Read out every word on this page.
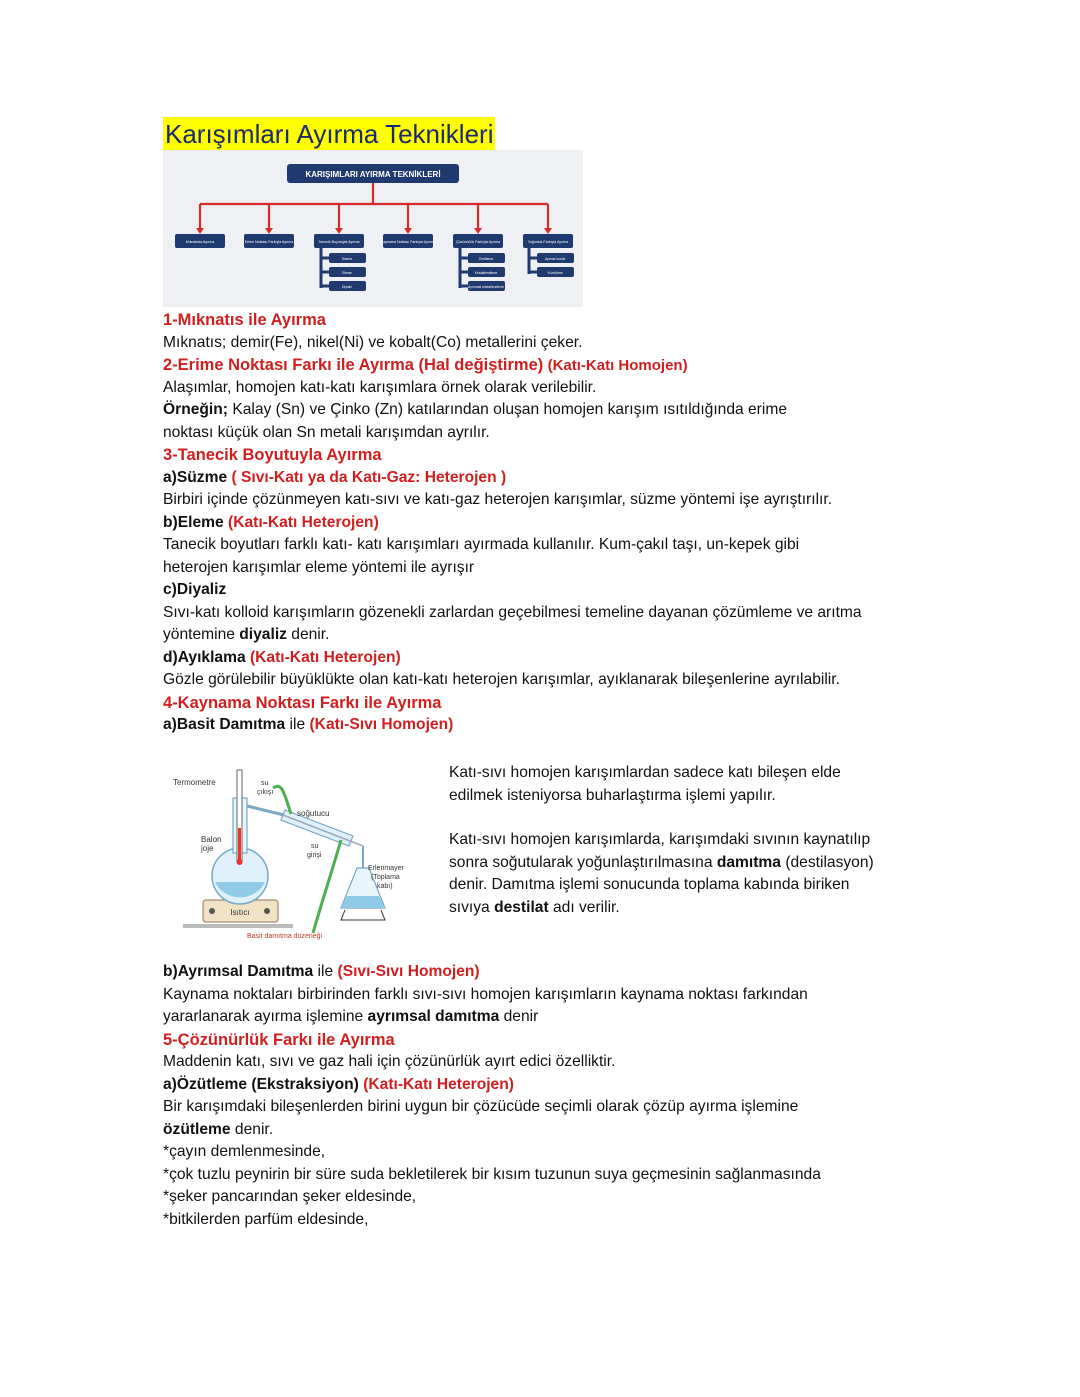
Karışımları Ayırma Teknikleri
KARIŞIMLARI AYIRMA TEKNİKLERİ
Mıknatısla Ayırma	Erime Noktası Farkıyla Ayırma	Tanecik Boyutuyla Ayırma	Kaynama Noktası Farkıyla Ayırma	Çözünürlük Farkıyla Ayırma	Yoğunluk Farkıyla Ayırma
Süzme
Eleme
Diyaliz
Özütleme
Kristallendirme
Ayrımsal kristallendirme
Ayırma hunisi
Yüzdürme
1-Mıknatıs ile Ayırma
Mıknatıs; demir(Fe), nikel(Ni) ve kobalt(Co) metallerini çeker.
2-Erime Noktası Farkı ile Ayırma (Hal değiştirme) (Katı-Katı Homojen)
Alaşımlar, homojen katı-katı karışımlara örnek olarak verilebilir.
Örneğin; Kalay (Sn) ve Çinko (Zn) katılarından oluşan homojen karışım ısıtıldığında erime
noktası küçük olan Sn metali karışımdan ayrılır.
3-Tanecik Boyutuyla Ayırma
a)Süzme ( Sıvı-Katı ya da Katı-Gaz: Heterojen )
Birbiri içinde çözünmeyen katı-sıvı ve katı-gaz heterojen karışımlar, süzme yöntemi işe ayrıştırılır.
b)Eleme (Katı-Katı Heterojen)
Tanecik boyutları farklı katı- katı karışımları ayırmada kullanılır. Kum-çakıl taşı, un-kepek gibi
heterojen karışımlar eleme yöntemi ile ayrışır
c)Diyaliz
Sıvı-katı kolloid karışımların gözenekli zarlardan geçebilmesi temeline dayanan çözümleme ve arıtma
yöntemine diyaliz denir.
d)Ayıklama (Katı-Katı Heterojen)
Gözle görülebilir büyüklükte olan katı-katı heterojen karışımlar, ayıklanarak bileşenlerine ayrılabilir.
4-Kaynama Noktası Farkı ile Ayırma
a)Basit Damıtma ile (Katı-Sıvı Homojen)
Isıtıcı
Termometre	su
çıkışı
soğutucu
su
girişi
Balon
joje
Erlenmayer
(Toplama
kabı)
Basit damıtma düzeneği
Katı-sıvı homojen karışımlardan sadece katı bileşen elde
edilmek isteniyorsa buharlaştırma işlemi yapılır.
Katı-sıvı homojen karışımlarda, karışımdaki sıvının kaynatılıp
sonra soğutularak yoğunlaştırılmasına damıtma (destilasyon)
denir. Damıtma işlemi sonucunda toplama kabında biriken
sıvıya destilat adı verilir.
b)Ayrımsal Damıtma ile (Sıvı-Sıvı Homojen)
Kaynama noktaları birbirinden farklı sıvı-sıvı homojen karışımların kaynama noktası farkından
yararlanarak ayırma işlemine ayrımsal damıtma denir
5-Çözünürlük Farkı ile Ayırma
Maddenin katı, sıvı ve gaz hali için çözünürlük ayırt edici özelliktir.
a)Özütleme (Ekstraksiyon) (Katı-Katı Heterojen)
Bir karışımdaki bileşenlerden birini uygun bir çözücüde seçimli olarak çözüp ayırma işlemine
özütleme denir.
*çayın demlenmesinde,
*çok tuzlu peynirin bir süre suda bekletilerek bir kısım tuzunun suya geçmesinin sağlanmasında
*şeker pancarından şeker eldesinde,
*bitkilerden parfüm eldesinde,
